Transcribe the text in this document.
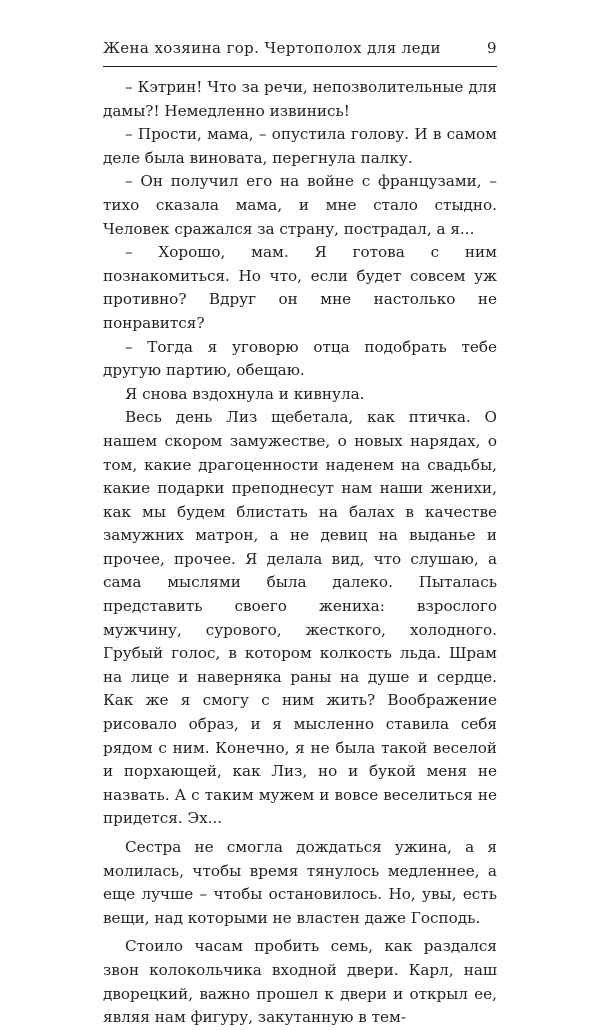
Жена хозяина гор. Чертополох для леди	9

– Кэтрин! Что за речи, непозволительные для дамы?! Немедленно извинись!

– Прости, мама, – опустила голову. И в самом деле была виновата, перегнула палку.

– Он получил его на войне с французами, – тихо сказала мама, и мне стало стыдно. Человек сражался за страну, пострадал, а я...

– Хорошо, мам. Я готова с ним познакомиться. Но что, если будет совсем уж противно? Вдруг он мне настолько не понравится?

– Тогда я уговорю отца подобрать тебе другую партию, обещаю.

Я снова вздохнула и кивнула.

Весь день Лиз щебетала, как птичка. О нашем скором замужестве, о новых нарядах, о том, какие драгоценности наденем на свадьбы, какие подарки преподнесут нам наши женихи, как мы будем блистать на балах в качестве замужних матрон, а не девиц на выданье и прочее, прочее. Я делала вид, что слушаю, а сама мыслями была далеко. Пыталась представить своего жениха: взрослого мужчину, сурового, жесткого, холодного. Грубый голос, в котором колкость льда. Шрам на лице и наверняка раны на душе и сердце. Как же я смогу с ним жить? Воображение рисовало образ, и я мысленно ставила себя рядом с ним. Конечно, я не была такой веселой и порхающей, как Лиз, но и букой меня не назвать. А с таким мужем и вовсе веселиться не придется. Эх...

Сестра не смогла дождаться ужина, а я молилась, чтобы время тянулось медленнее, а еще лучше – чтобы остановилось. Но, увы, есть вещи, над которыми не властен даже Господь.

Стоило часам пробить семь, как раздался звон колокольчика входной двери. Карл, наш дворецкий, важно прошел к двери и открыл ее, являя нам фигуру, закутанную в тем-
